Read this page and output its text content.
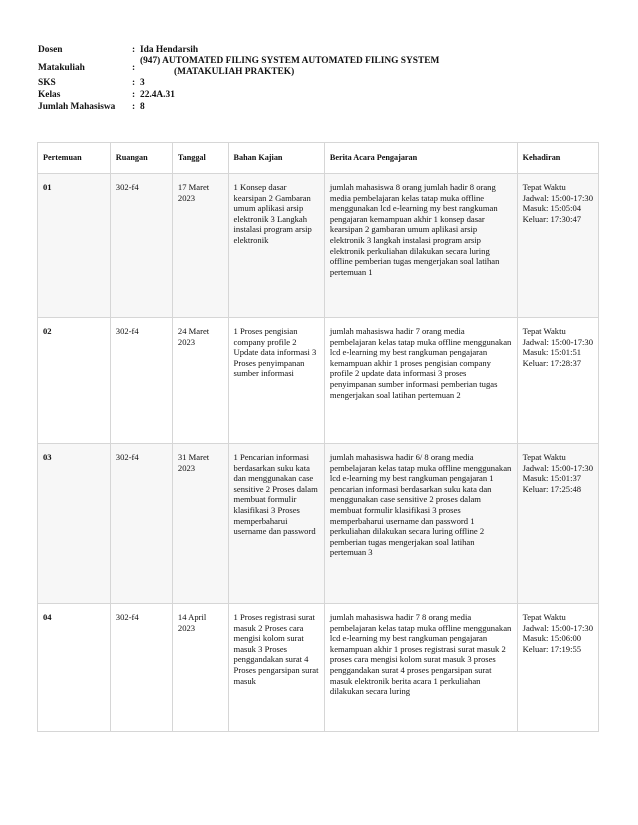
Dosen	: Ida Hendarsih
Matakuliah	:
(947) AUTOMATED FILING SYSTEM AUTOMATED FILING SYSTEM
(MATAKULIAH PRAKTEK)
SKS	: 3
Kelas	: 22.4A.31
Jumlah Mahasiswa	: 8
Pertemuan	Ruangan	Tanggal	Bahan Kajian	Berita Acara Pengajaran	Kehadiran
01	302-f4	17 Maret 2023	1 Konsep dasar kearsipan 2 Gambaran umum aplikasi arsip elektronik 3 Langkah instalasi program arsip elektronik	jumlah mahasiswa 8 orang jumlah hadir 8 orang media pembelajaran kelas tatap muka offline menggunakan lcd e-learning my best rangkuman pengajaran kemampuan akhir 1 konsep dasar kearsipan 2 gambaran umum aplikasi arsip elektronik 3 langkah instalasi program arsip elektronik perkuliahan dilakukan secara luring offline pemberian tugas mengerjakan soal latihan pertemuan 1	Tepat Waktu Jadwal: 15:00-17:30 Masuk: 15:05:04 Keluar: 17:30:47
02	302-f4	24 Maret 2023	1 Proses pengisian company profile 2 Update data informasi 3 Proses penyimpanan sumber informasi	jumlah mahasiswa hadir 7 orang media pembelajaran kelas tatap muka offline menggunakan lcd e-learning my best rangkuman pengajaran kemampuan akhir 1 proses pengisian company profile 2 update data informasi 3 proses penyimpanan sumber informasi pemberian tugas mengerjakan soal latihan pertemuan 2	Tepat Waktu Jadwal: 15:00-17:30 Masuk: 15:01:51 Keluar: 17:28:37
03	302-f4	31 Maret 2023	1 Pencarian informasi berdasarkan suku kata dan menggunakan case sensitive 2 Proses dalam membuat formulir klasifikasi 3 Proses memperbaharui username dan password	jumlah mahasiswa hadir 6/ 8 orang media pembelajaran kelas tatap muka offline menggunakan lcd e-learning my best rangkuman pengajaran 1 pencarian informasi berdasarkan suku kata dan menggunakan case sensitive 2 proses dalam membuat formulir klasifikasi 3 proses memperbaharui username dan password 1 perkuliahan dilakukan secara luring offline 2 pemberian tugas mengerjakan soal latihan pertemuan 3	Tepat Waktu Jadwal: 15:00-17:30 Masuk: 15:01:37 Keluar: 17:25:48
04	302-f4	14 April 2023	1 Proses registrasi surat masuk 2 Proses cara mengisi kolom surat masuk 3 Proses penggandakan surat 4 Proses pengarsipan surat masuk	jumlah mahasiswa hadir 7 8 orang media pembelajaran kelas tatap muka offline menggunakan lcd e-learning my best rangkuman pengajaran kemampuan akhir 1 proses registrasi surat masuk 2 proses cara mengisi kolom surat masuk 3 proses penggandakan surat 4 proses pengarsipan surat masuk elektronik berita acara 1 perkuliahan dilakukan secara luring	Tepat Waktu Jadwal: 15:00-17:30 Masuk: 15:06:00 Keluar: 17:19:55
